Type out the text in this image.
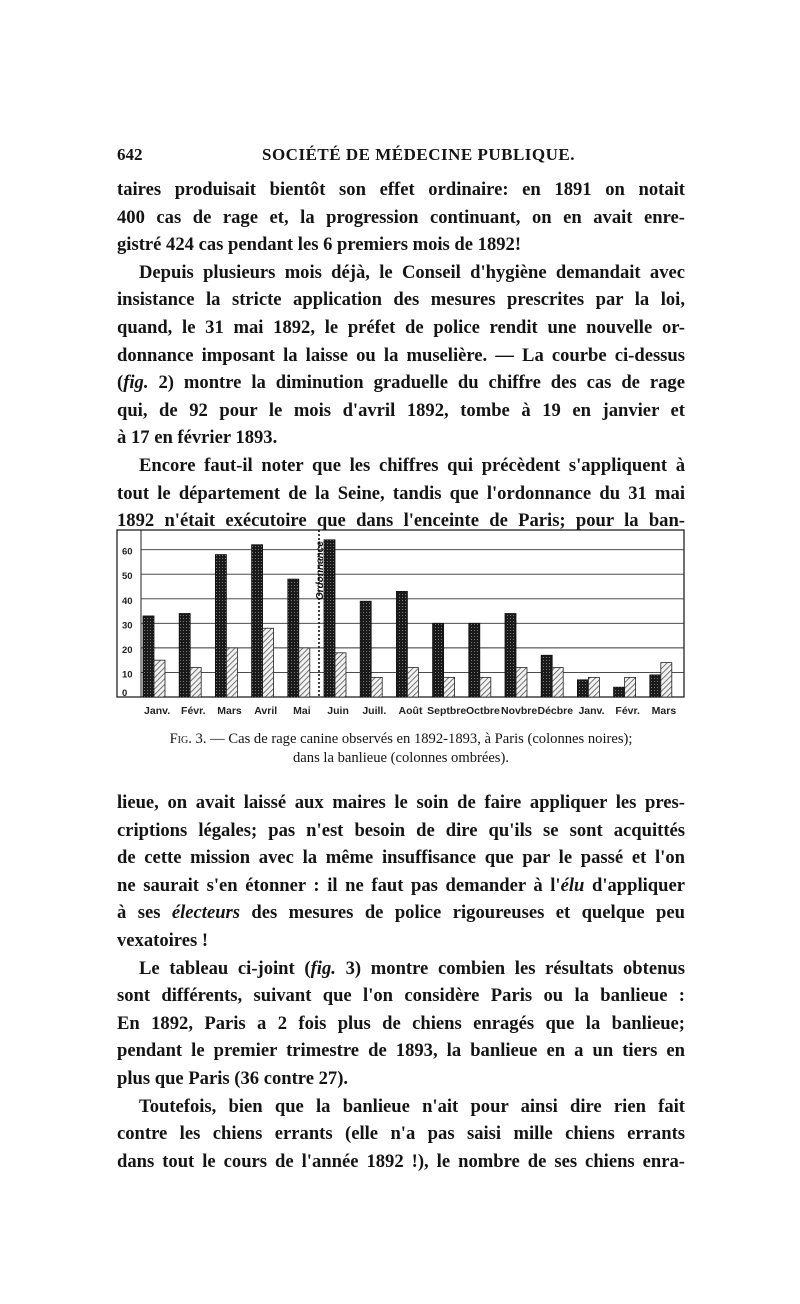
642	SOCIÉTÉ DE MÉDECINE PUBLIQUE.
taires produisait bientôt son effet ordinaire: en 1891 on notait
400 cas de rage et, la progression continuant, on en avait enre-
gistré 424 cas pendant les 6 premiers mois de 1892!
Depuis plusieurs mois déjà, le Conseil d'hygiène demandait avec
insistance la stricte application des mesures prescrites par la loi,
quand, le 31 mai 1892, le préfet de police rendit une nouvelle or-
donnance imposant la laisse ou la muselière. — La courbe ci-dessus
(fig. 2) montre la diminution graduelle du chiffre des cas de rage
qui, de 92 pour le mois d'avril 1892, tombe à 19 en janvier et
à 17 en février 1893.
Encore faut-il noter que les chiffres qui précèdent s'appliquent à
tout le département de la Seine, tandis que l'ordonnance du 31 mai
1892 n'était exécutoire que dans l'enceinte de Paris; pour la ban-
0
10
20
30
40
50
60
Janv. Févr. Mars Avril Mai Juin Juill. Août Septbre Octbre Novbre Décbre Janv. Févr. Mars
Ordonnance
Fig. 3. — Cas de rage canine observés en 1892-1893, à Paris (colonnes noires);
dans la banlieue (colonnes ombrées).
lieue, on avait laissé aux maires le soin de faire appliquer les pres-
criptions légales; pas n'est besoin de dire qu'ils se sont acquittés
de cette mission avec la même insuffisance que par le passé et l'on
ne saurait s'en étonner : il ne faut pas demander à l'élu d'appliquer
à ses électeurs des mesures de police rigoureuses et quelque peu
vexatoires !
Le tableau ci-joint (fig. 3) montre combien les résultats obtenus
sont différents, suivant que l'on considère Paris ou la banlieue :
En 1892, Paris a 2 fois plus de chiens enragés que la banlieue;
pendant le premier trimestre de 1893, la banlieue en a un tiers en
plus que Paris (36 contre 27).
Toutefois, bien que la banlieue n'ait pour ainsi dire rien fait
contre les chiens errants (elle n'a pas saisi mille chiens errants
dans tout le cours de l'année 1892 !), le nombre de ses chiens enra-
